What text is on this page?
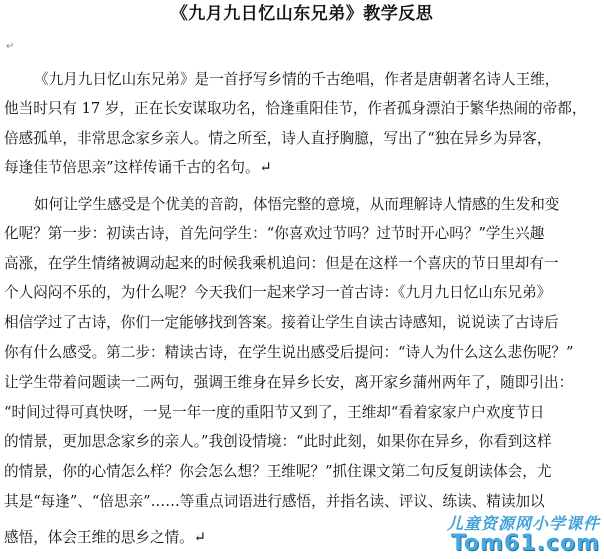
《九月九日忆山东兄弟》教学反思
↵
《九月九日忆山东兄弟》是一首抒写乡情的千古绝唱，作者是唐朝著名诗人王维，
他当时只有 17 岁，正在长安谋取功名，恰逢重阳佳节，作者孤身漂泊于繁华热闹的帝都，
倍感孤单，非常思念家乡亲人。情之所至，诗人直抒胸臆，写出了“独在异乡为异客，
每逢佳节倍思亲”这样传诵千古的名句。↵
如何让学生感受是个优美的音韵，体悟完整的意境，从而理解诗人情感的生发和变
化呢？第一步：初读古诗，首先问学生：“你喜欢过节吗？过节时开心吗？”学生兴趣
高涨，在学生情绪被调动起来的时候我乘机追问：但是在这样一个喜庆的节日里却有一
个人闷闷不乐的，为什么呢？今天我们一起来学习一首古诗：《九月九日忆山东兄弟》
相信学过了古诗，你们一定能够找到答案。接着让学生自读古诗感知，说说读了古诗后
你有什么感受。第二步：精读古诗，在学生说出感受后提问：“诗人为什么这么悲伤呢？”
让学生带着问题读一二两句，强调王维身在异乡长安，离开家乡蒲州两年了，随即引出：
“时间过得可真快呀，一晃一年一度的重阳节又到了，王维却“看着家家户户欢度节日
的情景，更加思念家乡的亲人。”我创设情境：“此时此刻，如果你在异乡，你看到这样
的情景，你的心情怎么样？你会怎么想？王维呢？”抓住课文第二句反复朗读体会，尤
其是“每逢”、“倍思亲”……等重点词语进行感悟，并指名读、评议、练读、精读加以
感悟，体会王维的思乡之情。↵
儿童资源网小学课件
Tom61.com
